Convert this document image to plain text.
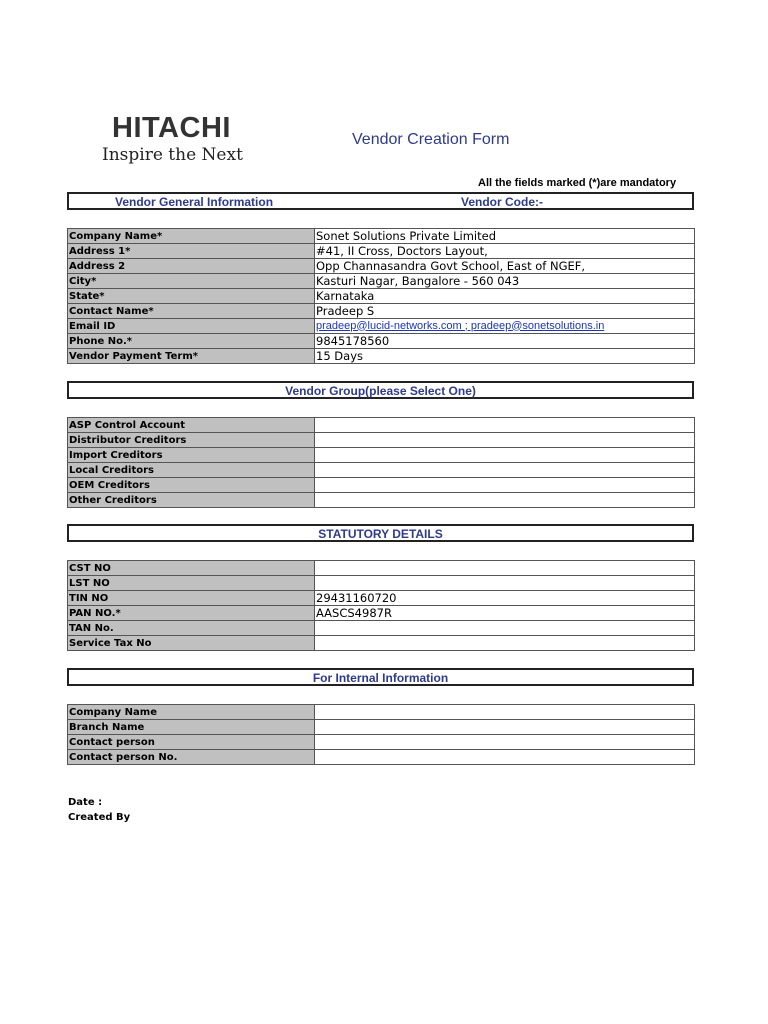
HITACHI
Inspire the Next
Vendor Creation Form
All the fields marked (*)are mandatory
Vendor General Information	Vendor Code:-
Company Name*	Sonet Solutions Private Limited
Address 1*	#41, II Cross, Doctors Layout,
Address 2	Opp Channasandra Govt School, East of NGEF,
City*	Kasturi Nagar, Bangalore - 560 043
State*	Karnataka
Contact Name*	Pradeep S
Email ID	pradeep@lucid-networks.com ; pradeep@sonetsolutions.in
Phone No.*	9845178560
Vendor Payment Term*	15 Days
Vendor Group(please Select One)
ASP Control Account	
Distributor Creditors	
Import Creditors	
Local Creditors	
OEM Creditors	
Other Creditors	
STATUTORY DETAILS
CST NO	
LST NO	
TIN NO	29431160720
PAN NO.*	AASCS4987R
TAN No.	
Service Tax No	
For Internal Information
Company Name	
Branch Name	
Contact person	
Contact person No.	
Date :
Created By
